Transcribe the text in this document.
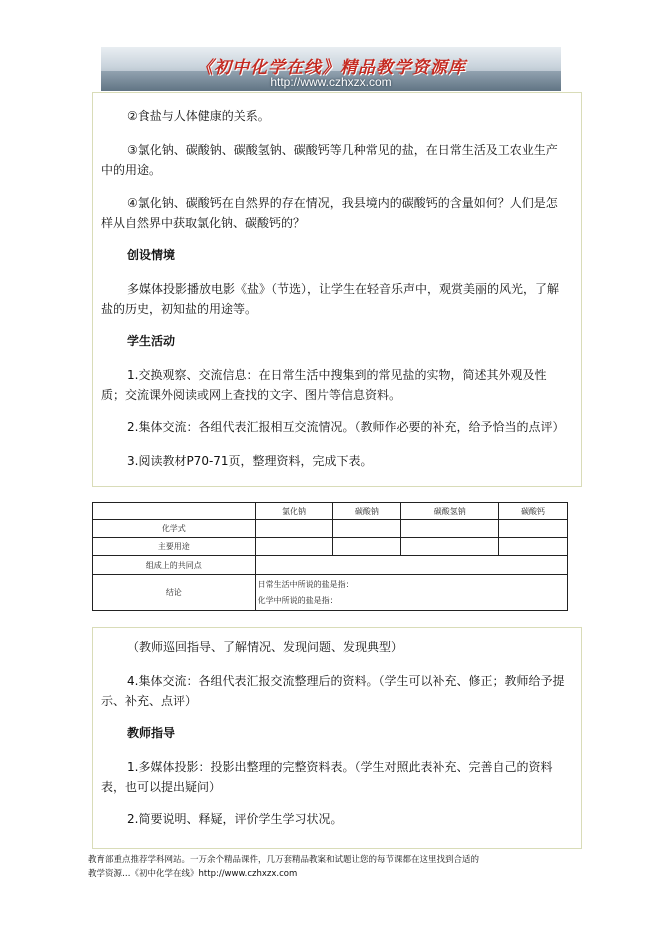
《初中化学在线》精品教学资源库
http://www.czhxzx.com

②食盐与人体健康的关系。

③氯化钠、碳酸钠、碳酸氢钠、碳酸钙等几种常见的盐，在日常生活及工农业生产中的用途。

④氯化钠、碳酸钙在自然界的存在情况，我县境内的碳酸钙的含量如何？人们是怎样从自然界中获取氯化钠、碳酸钙的？

创设情境

多媒体投影播放电影《盐》（节选），让学生在轻音乐声中，观赏美丽的风光，了解盐的历史，初知盐的用途等。

学生活动

1.交换观察、交流信息：在日常生活中搜集到的常见盐的实物，简述其外观及性质；交流课外阅读或网上查找的文字、图片等信息资料。

2.集体交流：各组代表汇报相互交流情况。（教师作必要的补充，给予恰当的点评）

3.阅读教材P70-71页，整理资料，完成下表。

	氯化钠	碳酸钠	碳酸氢钠	碳酸钙
化学式				
主要用途				
组成上的共同点				
结论	日常生活中所说的盐是指：
化学中所说的盐是指：			

（教师巡回指导、了解情况、发现问题、发现典型）

4.集体交流：各组代表汇报交流整理后的资料。（学生可以补充、修正；教师给予提示、补充、点评）

教师指导

1.多媒体投影：投影出整理的完整资料表。（学生对照此表补充、完善自己的资料表，也可以提出疑问）

2.简要说明、释疑，评价学生学习状况。

教育部重点推荐学科网站。一万余个精品课件，几万套精品教案和试题让您的每节课都在这里找到合适的
教学资源…《初中化学在线》http://www.czhxzx.com
